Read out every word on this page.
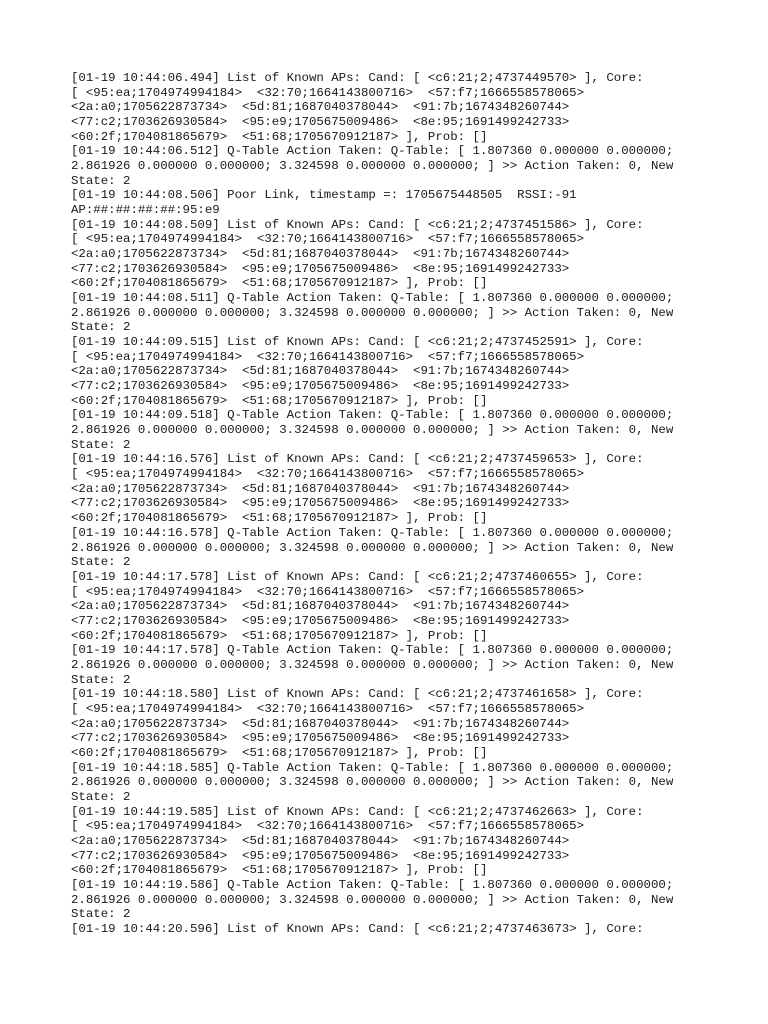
[01-19 10:44:06.494] List of Known APs: Cand: [ <c6:21;2;4737449570> ], Core:
[ <95:ea;1704974994184>  <32:70;1664143800716>  <57:f7;1666558578065>
<2a:a0;1705622873734>  <5d:81;1687040378044>  <91:7b;1674348260744>
<77:c2;1703626930584>  <95:e9;1705675009486>  <8e:95;1691499242733>
<60:2f;1704081865679>  <51:68;1705670912187> ], Prob: []
[01-19 10:44:06.512] Q-Table Action Taken: Q-Table: [ 1.807360 0.000000 0.000000;
2.861926 0.000000 0.000000; 3.324598 0.000000 0.000000; ] >> Action Taken: 0, New
State: 2
[01-19 10:44:08.506] Poor Link, timestamp =: 1705675448505  RSSI:-91
AP:##:##:##:##:95:e9
[01-19 10:44:08.509] List of Known APs: Cand: [ <c6:21;2;4737451586> ], Core:
[ <95:ea;1704974994184>  <32:70;1664143800716>  <57:f7;1666558578065>
<2a:a0;1705622873734>  <5d:81;1687040378044>  <91:7b;1674348260744>
<77:c2;1703626930584>  <95:e9;1705675009486>  <8e:95;1691499242733>
<60:2f;1704081865679>  <51:68;1705670912187> ], Prob: []
[01-19 10:44:08.511] Q-Table Action Taken: Q-Table: [ 1.807360 0.000000 0.000000;
2.861926 0.000000 0.000000; 3.324598 0.000000 0.000000; ] >> Action Taken: 0, New
State: 2
[01-19 10:44:09.515] List of Known APs: Cand: [ <c6:21;2;4737452591> ], Core:
[ <95:ea;1704974994184>  <32:70;1664143800716>  <57:f7;1666558578065>
<2a:a0;1705622873734>  <5d:81;1687040378044>  <91:7b;1674348260744>
<77:c2;1703626930584>  <95:e9;1705675009486>  <8e:95;1691499242733>
<60:2f;1704081865679>  <51:68;1705670912187> ], Prob: []
[01-19 10:44:09.518] Q-Table Action Taken: Q-Table: [ 1.807360 0.000000 0.000000;
2.861926 0.000000 0.000000; 3.324598 0.000000 0.000000; ] >> Action Taken: 0, New
State: 2
[01-19 10:44:16.576] List of Known APs: Cand: [ <c6:21;2;4737459653> ], Core:
[ <95:ea;1704974994184>  <32:70;1664143800716>  <57:f7;1666558578065>
<2a:a0;1705622873734>  <5d:81;1687040378044>  <91:7b;1674348260744>
<77:c2;1703626930584>  <95:e9;1705675009486>  <8e:95;1691499242733>
<60:2f;1704081865679>  <51:68;1705670912187> ], Prob: []
[01-19 10:44:16.578] Q-Table Action Taken: Q-Table: [ 1.807360 0.000000 0.000000;
2.861926 0.000000 0.000000; 3.324598 0.000000 0.000000; ] >> Action Taken: 0, New
State: 2
[01-19 10:44:17.578] List of Known APs: Cand: [ <c6:21;2;4737460655> ], Core:
[ <95:ea;1704974994184>  <32:70;1664143800716>  <57:f7;1666558578065>
<2a:a0;1705622873734>  <5d:81;1687040378044>  <91:7b;1674348260744>
<77:c2;1703626930584>  <95:e9;1705675009486>  <8e:95;1691499242733>
<60:2f;1704081865679>  <51:68;1705670912187> ], Prob: []
[01-19 10:44:17.578] Q-Table Action Taken: Q-Table: [ 1.807360 0.000000 0.000000;
2.861926 0.000000 0.000000; 3.324598 0.000000 0.000000; ] >> Action Taken: 0, New
State: 2
[01-19 10:44:18.580] List of Known APs: Cand: [ <c6:21;2;4737461658> ], Core:
[ <95:ea;1704974994184>  <32:70;1664143800716>  <57:f7;1666558578065>
<2a:a0;1705622873734>  <5d:81;1687040378044>  <91:7b;1674348260744>
<77:c2;1703626930584>  <95:e9;1705675009486>  <8e:95;1691499242733>
<60:2f;1704081865679>  <51:68;1705670912187> ], Prob: []
[01-19 10:44:18.585] Q-Table Action Taken: Q-Table: [ 1.807360 0.000000 0.000000;
2.861926 0.000000 0.000000; 3.324598 0.000000 0.000000; ] >> Action Taken: 0, New
State: 2
[01-19 10:44:19.585] List of Known APs: Cand: [ <c6:21;2;4737462663> ], Core:
[ <95:ea;1704974994184>  <32:70;1664143800716>  <57:f7;1666558578065>
<2a:a0;1705622873734>  <5d:81;1687040378044>  <91:7b;1674348260744>
<77:c2;1703626930584>  <95:e9;1705675009486>  <8e:95;1691499242733>
<60:2f;1704081865679>  <51:68;1705670912187> ], Prob: []
[01-19 10:44:19.586] Q-Table Action Taken: Q-Table: [ 1.807360 0.000000 0.000000;
2.861926 0.000000 0.000000; 3.324598 0.000000 0.000000; ] >> Action Taken: 0, New
State: 2
[01-19 10:44:20.596] List of Known APs: Cand: [ <c6:21;2;4737463673> ], Core:
